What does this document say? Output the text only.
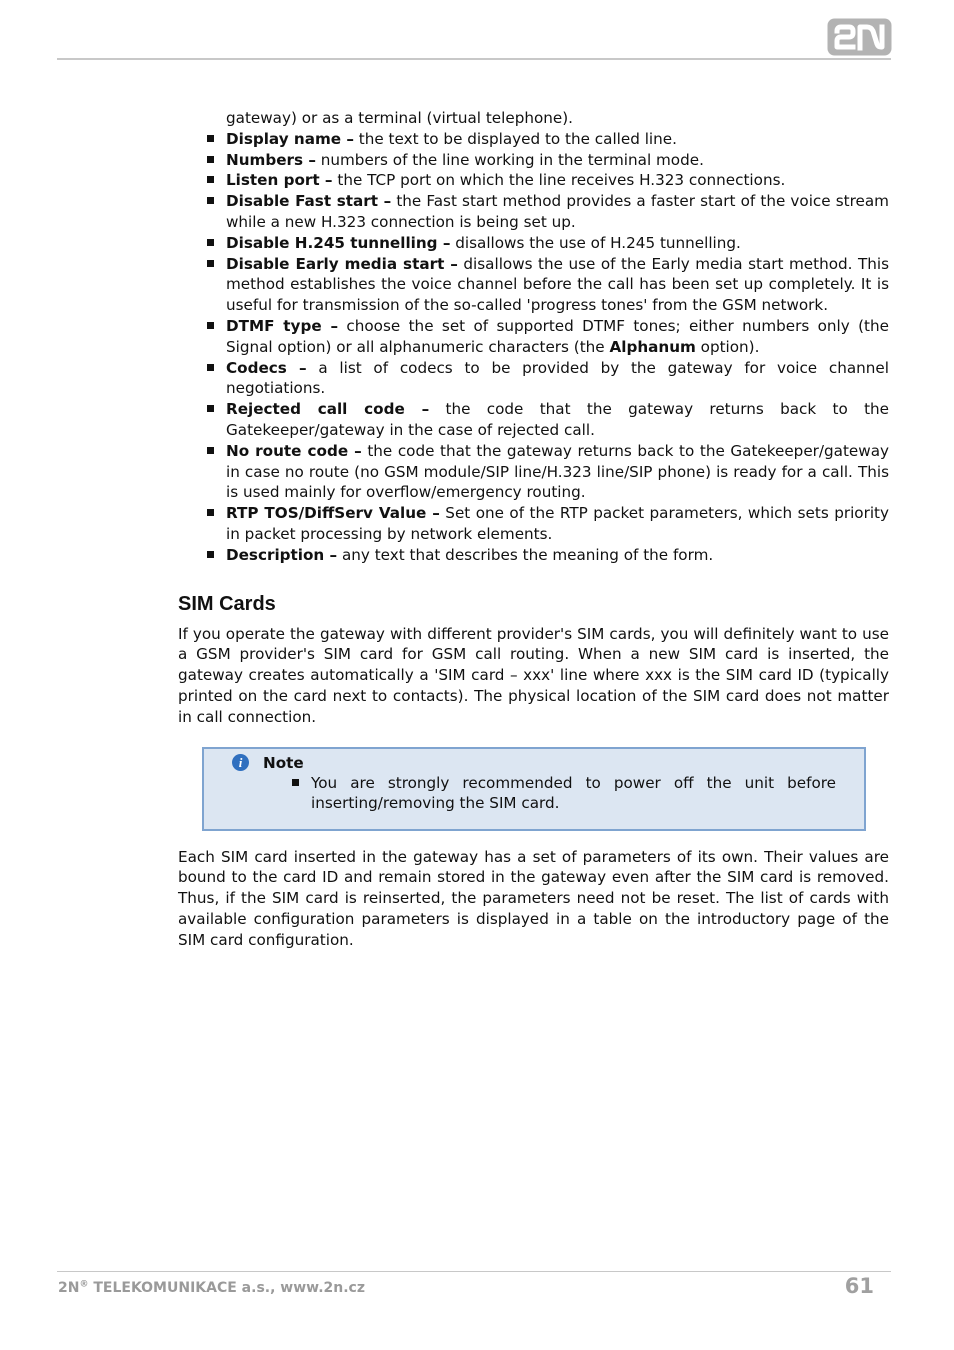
gateway) or as a terminal (virtual telephone).

Display name – the text to be displayed to the called line.
Numbers – numbers of the line working in the terminal mode.
Listen port – the TCP port on which the line receives H.323 connections.
Disable Fast start – the Fast start method provides a faster start of the voice stream while a new H.323 connection is being set up.
Disable H.245 tunnelling – disallows the use of H.245 tunnelling.
Disable Early media start – disallows the use of the Early media start method. This method establishes the voice channel before the call has been set up completely. It is useful for transmission of the so-called 'progress tones' from the GSM network.
DTMF type – choose the set of supported DTMF tones; either numbers only (the Signal option) or all alphanumeric characters (the Alphanum option).
Codecs – a list of codecs to be provided by the gateway for voice channel negotiations.
Rejected call code – the code that the gateway returns back to the Gatekeeper/gateway in the case of rejected call.
No route code – the code that the gateway returns back to the Gatekeeper/gateway in case no route (no GSM module/SIP line/H.323 line/SIP phone) is ready for a call. This is used mainly for overflow/emergency routing.
RTP TOS/DiffServ Value – Set one of the RTP packet parameters, which sets priority in packet processing by network elements.
Description – any text that describes the meaning of the form.
SIM Cards

If you operate the gateway with different provider's SIM cards, you will definitely want to use a GSM provider's SIM card for GSM call routing. When a new SIM card is inserted, the gateway creates automatically a 'SIM card – xxx' line where xxx is the SIM card ID (typically printed on the card next to contacts). The physical location of the SIM card does not matter in call connection.

i	Note
You are strongly recommended to power off the unit before inserting/removing the SIM card.

Each SIM card inserted in the gateway has a set of parameters of its own. Their values are bound to the card ID and remain stored in the gateway even after the SIM card is removed. Thus, if the SIM card is reinserted, the parameters need not be reset. The list of cards with available configuration parameters is displayed in a table on the introductory page of the SIM card configuration.

2N® TELEKOMUNIKACE a.s., www.2n.cz	61
